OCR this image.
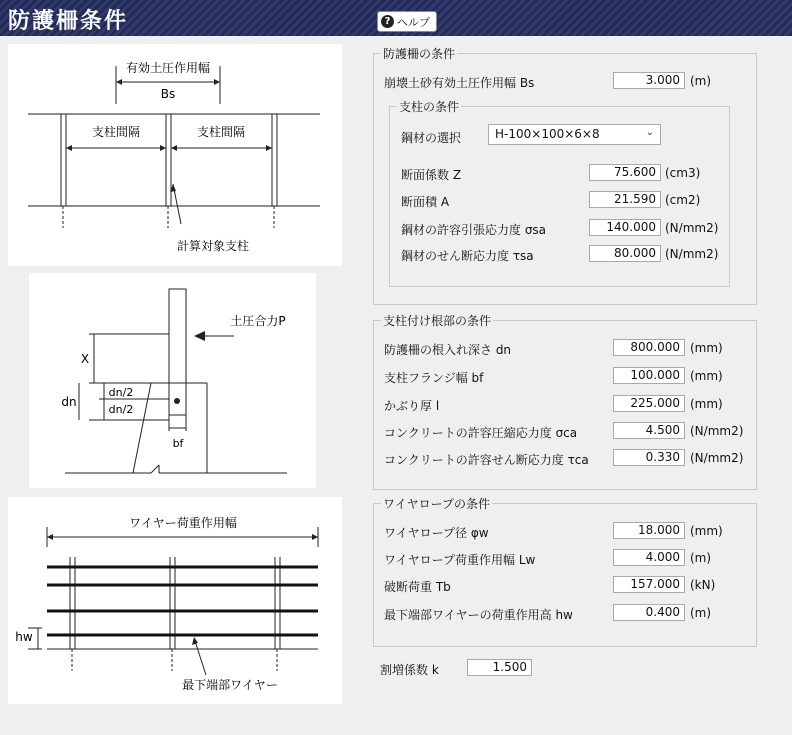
防護柵条件	? ヘルプ
有効土圧作用幅
Bs
支柱間隔	支柱間隔
計算対象支柱
土圧合力P
X
dn
dn/2
dn/2
bf
ワイヤー荷重作用幅
hw
最下端部ワイヤー
防護柵の条件
崩壊土砂有効土圧作用幅 Bs	3.000 (m)
支柱の条件
鋼材の選択	H-100×100×6×8	⌄
断面係数 Z	75.600 (cm3)
断面積 A	21.590 (cm2)
鋼材の許容引張応力度 σsa	140.000 (N/mm2)
鋼材のせん断応力度 τsa	80.000 (N/mm2)
支柱付け根部の条件
防護柵の根入れ深さ dn	800.000 (mm)
支柱フランジ幅 bf	100.000 (mm)
かぶり厚 l	225.000 (mm)
コンクリートの許容圧縮応力度 σca	4.500 (N/mm2)
コンクリートの許容せん断応力度 τca	0.330 (N/mm2)
ワイヤロープの条件
ワイヤロープ径 φw	18.000 (mm)
ワイヤロープ荷重作用幅 Lw	4.000 (m)
破断荷重 Tb	157.000 (kN)
最下端部ワイヤーの荷重作用高 hw	0.400 (m)
割増係数 k	1.500
